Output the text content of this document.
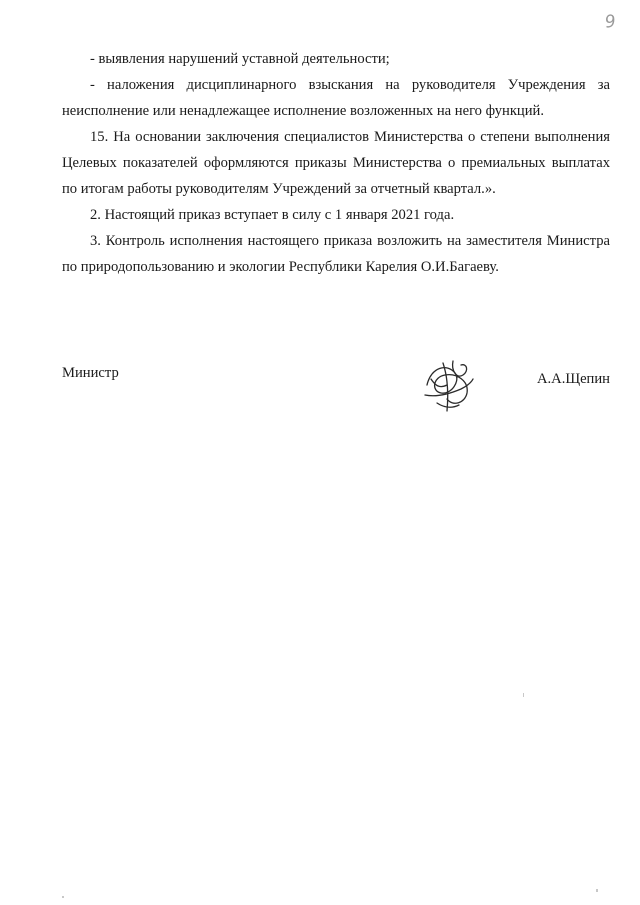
9

- выявления нарушений уставной деятельности;

- наложения дисциплинарного взыскания на руководителя Учреждения за неисполнение или ненадлежащее исполнение возложенных на него функций.

15. На основании заключения специалистов Министерства о степени выполнения Целевых показателей оформляются приказы Министерства о премиальных выплатах по итогам работы руководителям Учреждений за отчетный квартал.».

2. Настоящий приказ вступает в силу с 1 января 2021 года.

3. Контроль исполнения настоящего приказа возложить на заместителя Министра по природопользованию и экологии Республики Карелия О.И.Багаеву.

Министр	А.А.Щепин
